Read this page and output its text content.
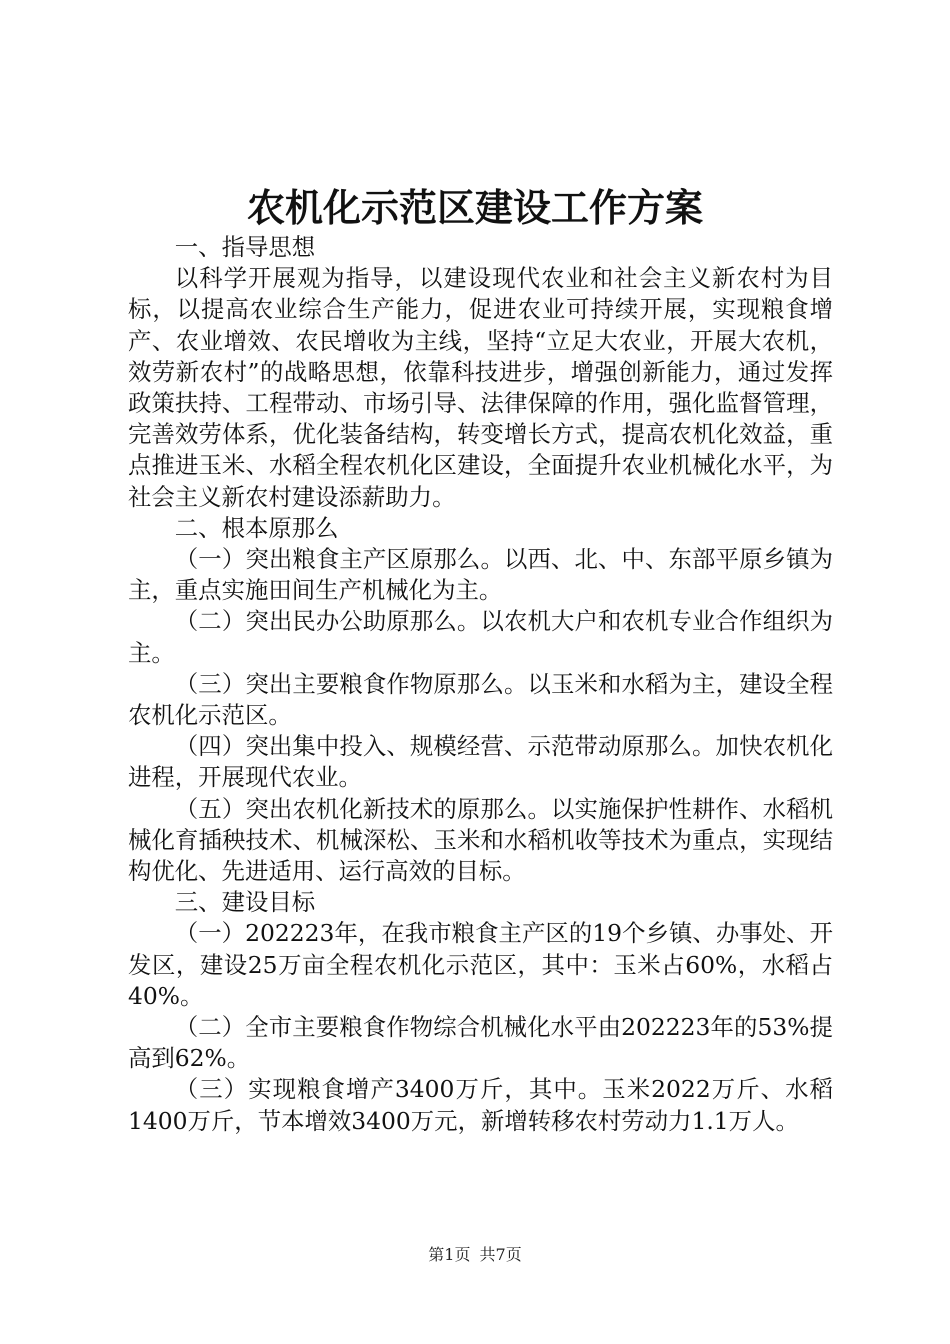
农机化示范区建设工作方案

一、指导思想

以科学开展观为指导，以建设现代农业和社会主义新农村为目标，以提高农业综合生产能力，促进农业可持续开展，实现粮食增产、农业增效、农民增收为主线，坚持“立足大农业，开展大农机，效劳新农村”的战略思想，依靠科技进步，增强创新能力，通过发挥政策扶持、工程带动、市场引导、法律保障的作用，强化监督管理，完善效劳体系，优化装备结构，转变增长方式，提高农机化效益，重点推进玉米、水稻全程农机化区建设，全面提升农业机械化水平，为社会主义新农村建设添薪助力。

二、根本原那么

（一）突出粮食主产区原那么。以西、北、中、东部平原乡镇为主，重点实施田间生产机械化为主。

（二）突出民办公助原那么。以农机大户和农机专业合作组织为主。

（三）突出主要粮食作物原那么。以玉米和水稻为主，建设全程农机化示范区。

（四）突出集中投入、规模经营、示范带动原那么。加快农机化进程，开展现代农业。

（五）突出农机化新技术的原那么。以实施保护性耕作、水稻机械化育插秧技术、机械深松、玉米和水稻机收等技术为重点，实现结构优化、先进适用、运行高效的目标。

三、建设目标

（一）202223年，在我市粮食主产区的19个乡镇、办事处、开发区，建设25万亩全程农机化示范区，其中：玉米占60%，水稻占40%。

（二）全市主要粮食作物综合机械化水平由202223年的53%提高到62%。

（三）实现粮食增产3400万斤，其中。玉米2022万斤、水稻1400万斤，节本增效3400万元，新增转移农村劳动力1.1万人。

第1页 共7页
